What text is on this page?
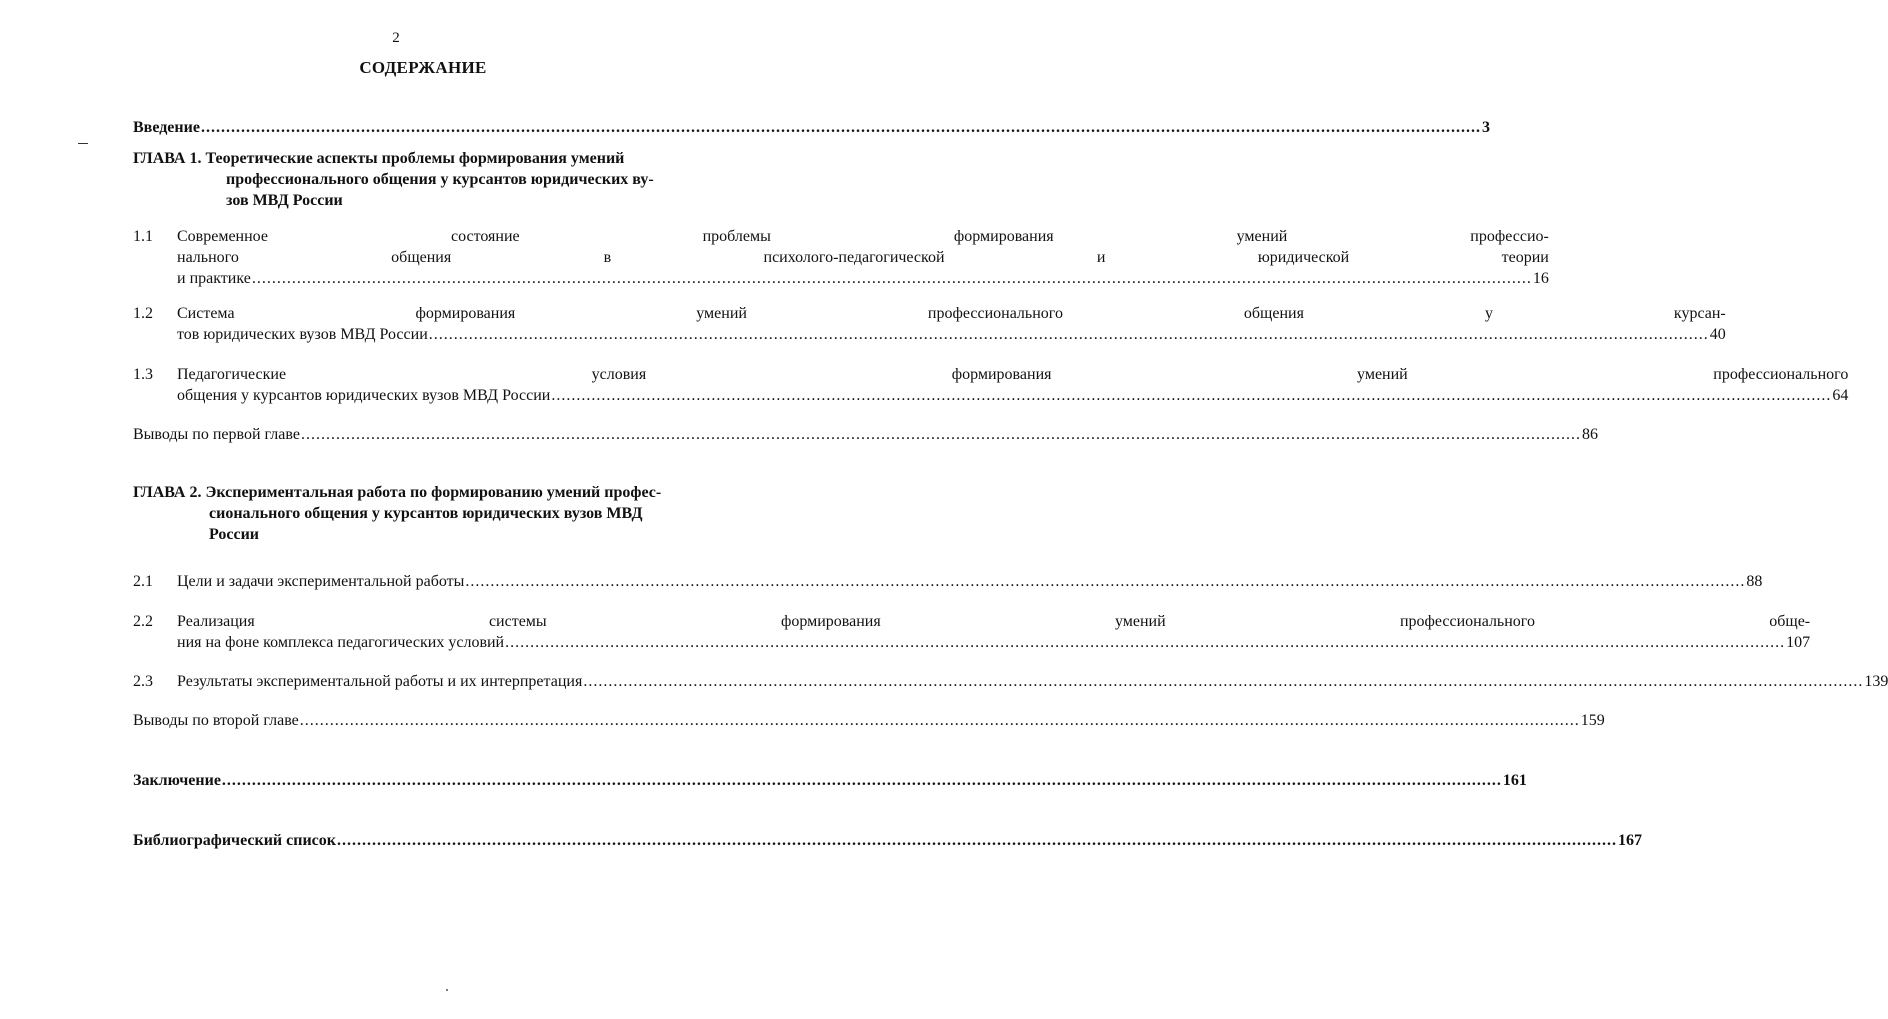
2
СОДЕРЖАНИЕ
Введение .....	3
ГЛАВА 1.
Теоретические аспекты проблемы формирования умений
профессионального общения у курсантов юридических ву-
зов МВД России
1.1	Современное состояние проблемы формирования умений профессио-
нального общения в психолого-педагогической и юридической теории
и практике .....	16
1.2	Система формирования умений профессионального общения у курсан-
тов юридических вузов МВД России .....	40
1.3	Педагогические условия формирования умений профессионального
общения у курсантов юридических вузов МВД России .....	64
Выводы по первой главе .....	86
ГЛАВА 2.
Экспериментальная работа по формированию умений профес-
сионального общения у курсантов юридических вузов МВД
России
2.1	Цели и задачи экспериментальной работы .....	88
2.2	Реализация системы формирования умений профессионального обще-
ния на фоне комплекса педагогических условий .....	107
2.3	Результаты экспериментальной работы и их интерпретация .....	139
Выводы по второй главе .....	159
Заключение .....	161
Библиографический список .....	167
